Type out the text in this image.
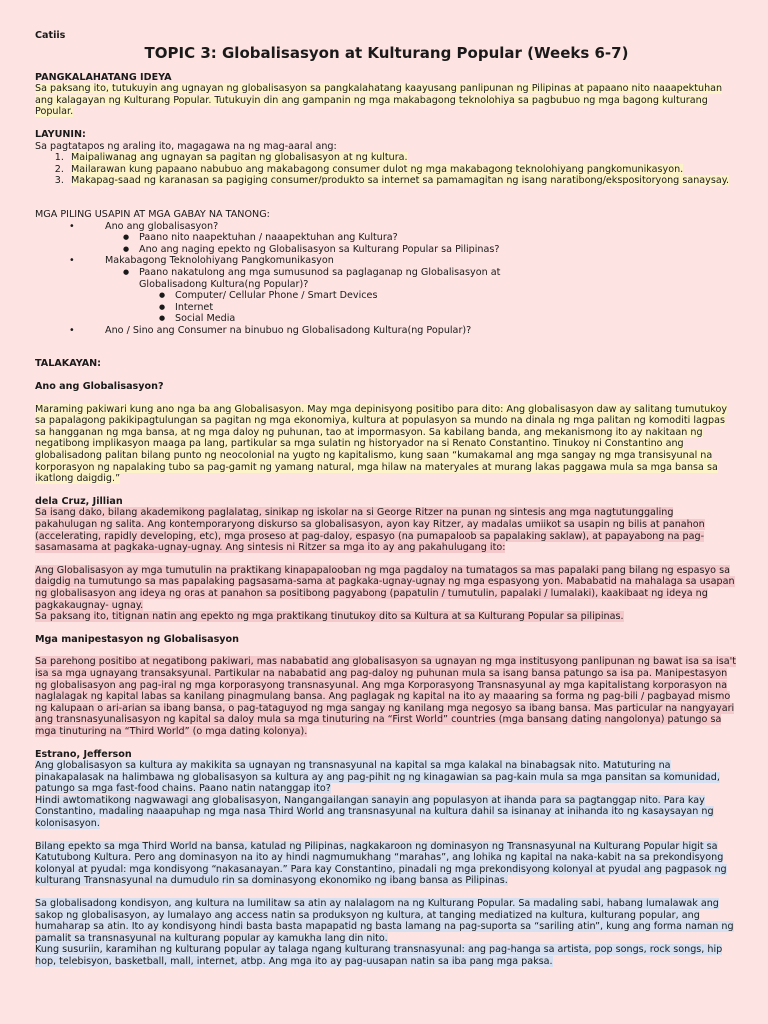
Catiis
TOPIC 3: Globalisasyon at Kulturang Popular (Weeks 6-7)
PANGKALAHATANG IDEYA

Sa paksang ito, tutukuyin ang ugnayan ng globalisasyon sa pangkalahatang kaayusang panlipunan ng Pilipinas at papaano nito naaapektuhan ang kalagayan ng Kulturang Popular. Tutukuyin din ang gampanin ng mga makabagong teknolohiya sa pagbubuo ng mga bagong kulturang Popular.

LAYUNIN:

Sa pagtatapos ng araling ito, magagawa na ng mag-aaral ang:

1. Maipaliwanag ang ugnayan sa pagitan ng globalisasyon at ng kultura.
2. Mailarawan kung papaano nabubuo ang makabagong consumer dulot ng mga makabagong teknolohiyang pangkomunikasyon.
3. Makapag-saad ng karanasan sa pagiging consumer/produkto sa internet sa pamamagitan ng isang naratibong/ekspositoryong sanaysay.
MGA PILING USAPIN AT MGA GABAY NA TANONG:
• Ano ang globalisasyon?
● Paano nito naapektuhan / naaapektuhan ang Kultura?
● Ano ang naging epekto ng Globalisasyon sa Kulturang Popular sa Pilipinas?
• Makabagong Teknolohiyang Pangkomunikasyon
● Paano nakatulong ang mga sumusunod sa paglaganap ng Globalisasyon at
Globalisadong Kultura(ng Popular)?
● Computer/ Cellular Phone / Smart Devices
● Internet
● Social Media
• Ano / Sino ang Consumer na binubuo ng Globalisadong Kultura(ng Popular)?
TALAKAYAN:
Ano ang Globalisasyon?

Maraming pakiwari kung ano nga ba ang Globalisasyon. May mga depinisyong positibo para dito: Ang globalisasyon daw ay salitang tumutukoy sa papalagong pakikipagtulungan sa pagitan ng mga ekonomiya, kultura at populasyon sa mundo na dinala ng mga palitan ng komoditi lagpas sa hangganan ng mga bansa, at ng mga daloy ng puhunan, tao at impormasyon. Sa kabilang banda, ang mekanismong ito ay nakitaan ng negatibong implikasyon maaga pa lang, partikular sa mga sulatin ng historyador na si Renato Constantino. Tinukoy ni Constantino ang globalisadong palitan bilang punto ng neocolonial na yugto ng kapitalismo, kung saan “kumakamal ang mga sangay ng mga transisyunal na korporasyon ng napalaking tubo sa pag-gamit ng yamang natural, mga hilaw na materyales at murang lakas paggawa mula sa mga bansa sa ikatlong daigdig.”

dela Cruz, Jillian

Sa isang dako, bilang akademikong paglalatag, sinikap ng iskolar na si George Ritzer na punan ng sintesis ang mga nagtutunggaling pakahulugan ng salita. Ang kontemporaryong diskurso sa globalisasyon, ayon kay Ritzer, ay madalas umiikot sa usapin ng bilis at panahon (accelerating, rapidly developing, etc), mga proseso at pag-daloy, espasyo (na pumapaloob sa papalaking saklaw), at papayabong na pag-sasamasama at pagkaka-ugnay-ugnay. Ang sintesis ni Ritzer sa mga ito ay ang pakahulugang ito:

Ang Globalisasyon ay mga tumutulin na praktikang kinapapalooban ng mga pagdaloy na tumatagos sa mas papalaki pang bilang ng espasyo sa daigdig na tumutungo sa mas papalaking pagsasama-sama at pagkaka-ugnay-ugnay ng mga espasyong yon. Mababatid na mahalaga sa usapan ng globalisasyon ang ideya ng oras at panahon sa positibong pagyabong (papatulin / tumutulin, papalaki / lumalaki), kaakibaat ng ideya ng pagkakaugnay- ugnay.

Sa paksang ito, titignan natin ang epekto ng mga praktikang tinutukoy dito sa Kultura at sa Kulturang Popular sa pilipinas.

Mga manipestasyon ng Globalisasyon

Sa parehong positibo at negatibong pakiwari, mas nababatid ang globalisasyon sa ugnayan ng mga institusyong panlipunan ng bawat isa sa isa't isa sa mga ugnayang transaksyunal. Partikular na nababatid ang pag-daloy ng puhunan mula sa isang bansa patungo sa isa pa. Manipestasyon ng globalisasyon ang pag-iral ng mga korporasyong transnasyunal. Ang mga Korporasyong Transnasyunal ay mga kapitalistang korporasyon na naglalagak ng kapital labas sa kanilang pinagmulang bansa. Ang paglagak ng kapital na ito ay maaaring sa forma ng pag-bili / pagbayad mismo ng kalupaan o ari-arian sa ibang bansa, o pag-tataguyod ng mga sangay ng kanilang mga negosyo sa ibang bansa. Mas particular na nangyayari ang transnasyunalisasyon ng kapital sa daloy mula sa mga tinuturing na “First World” countries (mga bansang dating nangolonya) patungo sa mga tinuturing na “Third World” (o mga dating kolonya).

Estrano, Jefferson

Ang globalisasyon sa kultura ay makikita sa ugnayan ng transnasyunal na kapital sa mga kalakal na binabagsak nito. Matuturing na pinakapalasak na halimbawa ng globalisasyon sa kultura ay ang pag-pihit ng ng kinagawian sa pag-kain mula sa mga pansitan sa komunidad, patungo sa mga fast-food chains. Paano natin natanggap ito?

Hindi awtomatikong nagwawagi ang globalisasyon, Nangangailangan sanayin ang populasyon at ihanda para sa pagtanggap nito. Para kay Constantino, madaling naaapuhap ng mga nasa Third World ang transnasyunal na kultura dahil sa isinanay at inihanda ito ng kasaysayan ng kolonisasyon.

Bilang epekto sa mga Third World na bansa, katulad ng Pilipinas, nagkakaroon ng dominasyon ng Transnasyunal na Kulturang Popular higit sa Katutubong Kultura. Pero ang dominasyon na ito ay hindi nagmumukhang “marahas”, ang lohika ng kapital na naka-kabit na sa prekondisyong kolonyal at pyudal: mga kondisyong “nakasanayan.” Para kay Constantino, pinadali ng mga prekondisyong kolonyal at pyudal ang pagpasok ng kulturang Transnasyunal na dumudulo rin sa dominasyong ekonomiko ng ibang bansa as Pilipinas.

Sa globalisadong kondisyon, ang kultura na lumilitaw sa atin ay nalalagom na ng Kulturang Popular. Sa madaling sabi, habang lumalawak ang sakop ng globalisasyon, ay lumalayo ang access natin sa produksyon ng kultura, at tanging mediatized na kultura, kulturang popular, ang humaharap sa atin. Ito ay kondisyong hindi basta basta mapapatid ng basta lamang na pag-suporta sa “sariling atin”, kung ang forma naman ng pamalit sa transnasyunal na kulturang popular ay kamukha lang din nito.

Kung susuriin, karamihan ng kulturang popular ay talaga ngang kulturang transnasyunal: ang pag-hanga sa artista, pop songs, rock songs, hip hop, telebisyon, basketball, mall, internet, atbp. Ang mga ito ay pag-uusapan natin sa iba pang mga paksa.
